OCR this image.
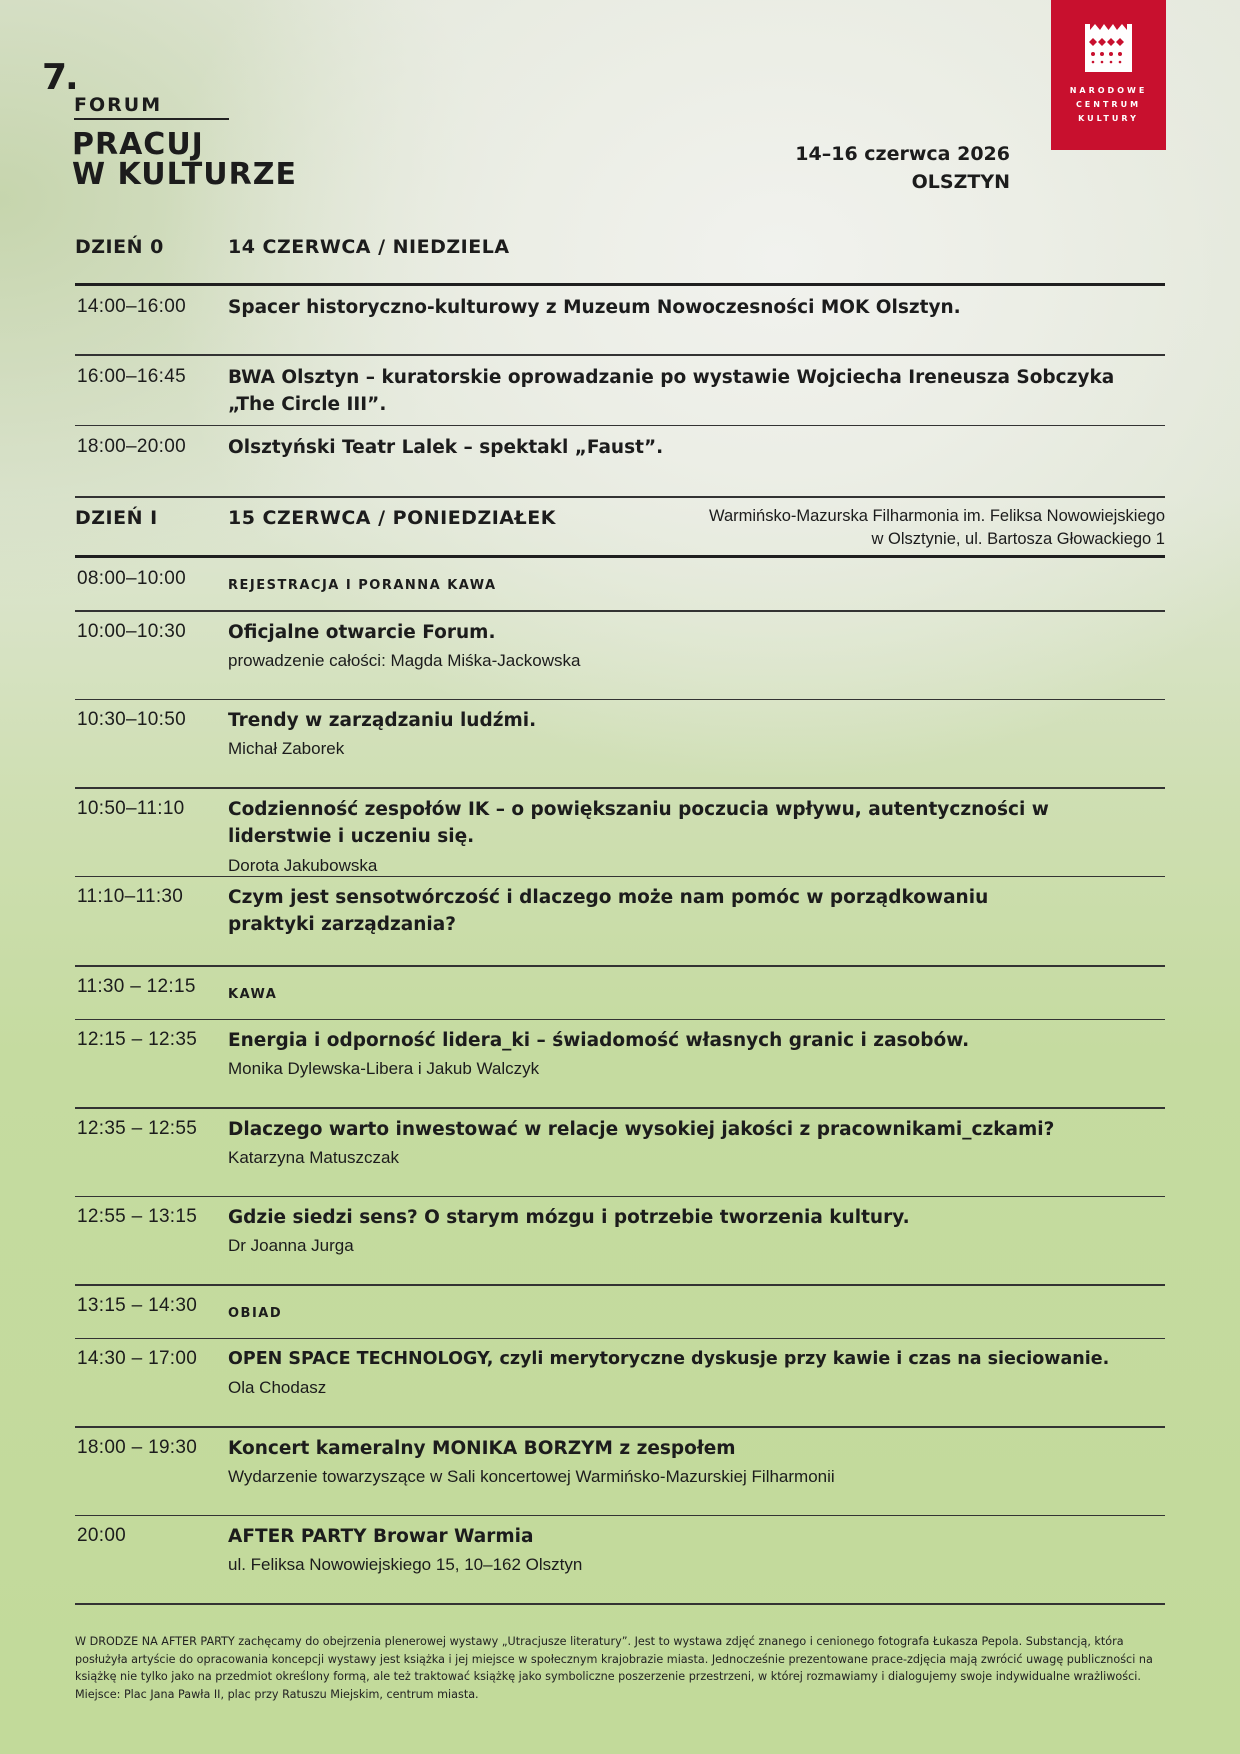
7.
FORUM
PRACUJ
W KULTURZE
NARODOWE
CENTRUM
KULTURY
14–16 czerwca 2026
OLSZTYN
DZIEŃ 0	14 CZERWCA / NIEDZIELA
14:00–16:00 Spacer historyczno-kulturowy z Muzeum Nowoczesności MOK Olsztyn.
16:00–16:45 BWA Olsztyn – kuratorskie oprowadzanie po wystawie Wojciecha Ireneusza Sobczyka „The Circle III”.
18:00–20:00 Olsztyński Teatr Lalek – spektakl „Faust”.
DZIEŃ I	15 CZERWCA / PONIEDZIAŁEK	Warmińsko-Mazurska Filharmonia im. Feliksa Nowowiejskiego
w Olsztynie, ul. Bartosza Głowackiego 1
08:00–10:00	REJESTRACJA I PORANNA KAWA
10:00–10:30 Oficjalne otwarcie Forum.
prowadzenie całości: Magda Miśka-Jackowska
10:30–10:50 Trendy w zarządzaniu ludźmi.
Michał Zaborek
10:50–11:10 Codzienność zespołów IK – o powiększaniu poczucia wpływu, autentyczności w liderstwie i uczeniu się.
Dorota Jakubowska
11:10–11:30 Czym jest sensotwórczość i dlaczego może nam pomóc w porządkowaniu praktyki zarządzania?
11:30 – 12:15 KAWA
12:15 – 12:35 Energia i odporność lidera_ki – świadomość własnych granic i zasobów.
Monika Dylewska-Libera i Jakub Walczyk
12:35 – 12:55 Dlaczego warto inwestować w relacje wysokiej jakości z pracownikami_czkami?
Katarzyna Matuszczak
12:55 – 13:15 Gdzie siedzi sens? O starym mózgu i potrzebie tworzenia kultury.
Dr Joanna Jurga
13:15 – 14:30 OBIAD
14:30 – 17:00 OPEN SPACE TECHNOLOGY, czyli merytoryczne dyskusje przy kawie i czas na sieciowanie.
Ola Chodasz
18:00 – 19:30 Koncert kameralny MONIKA BORZYM z zespołem
Wydarzenie towarzyszące w Sali koncertowej Warmińsko-Mazurskiej Filharmonii
20:00	AFTER PARTY Browar Warmia
ul. Feliksa Nowowiejskiego 15, 10–162 Olsztyn
W DRODZE NA AFTER PARTY zachęcamy do obejrzenia plenerowej wystawy „Utracjusze literatury”. Jest to wystawa zdjęć znanego i cenionego fotografa Łukasza Pepola. Substancją, która posłużyła artyście do opracowania koncepcji wystawy jest książka i jej miejsce w społecznym krajobrazie miasta. Jednocześnie prezentowane prace-zdjęcia mają zwrócić uwagę publiczności na książkę nie tylko jako na przedmiot określony formą, ale też traktować książkę jako symboliczne poszerzenie przestrzeni, w której rozmawiamy i dialogujemy swoje indywidualne wrażliwości. Miejsce: Plac Jana Pawła II, plac przy Ratuszu Miejskim, centrum miasta.
